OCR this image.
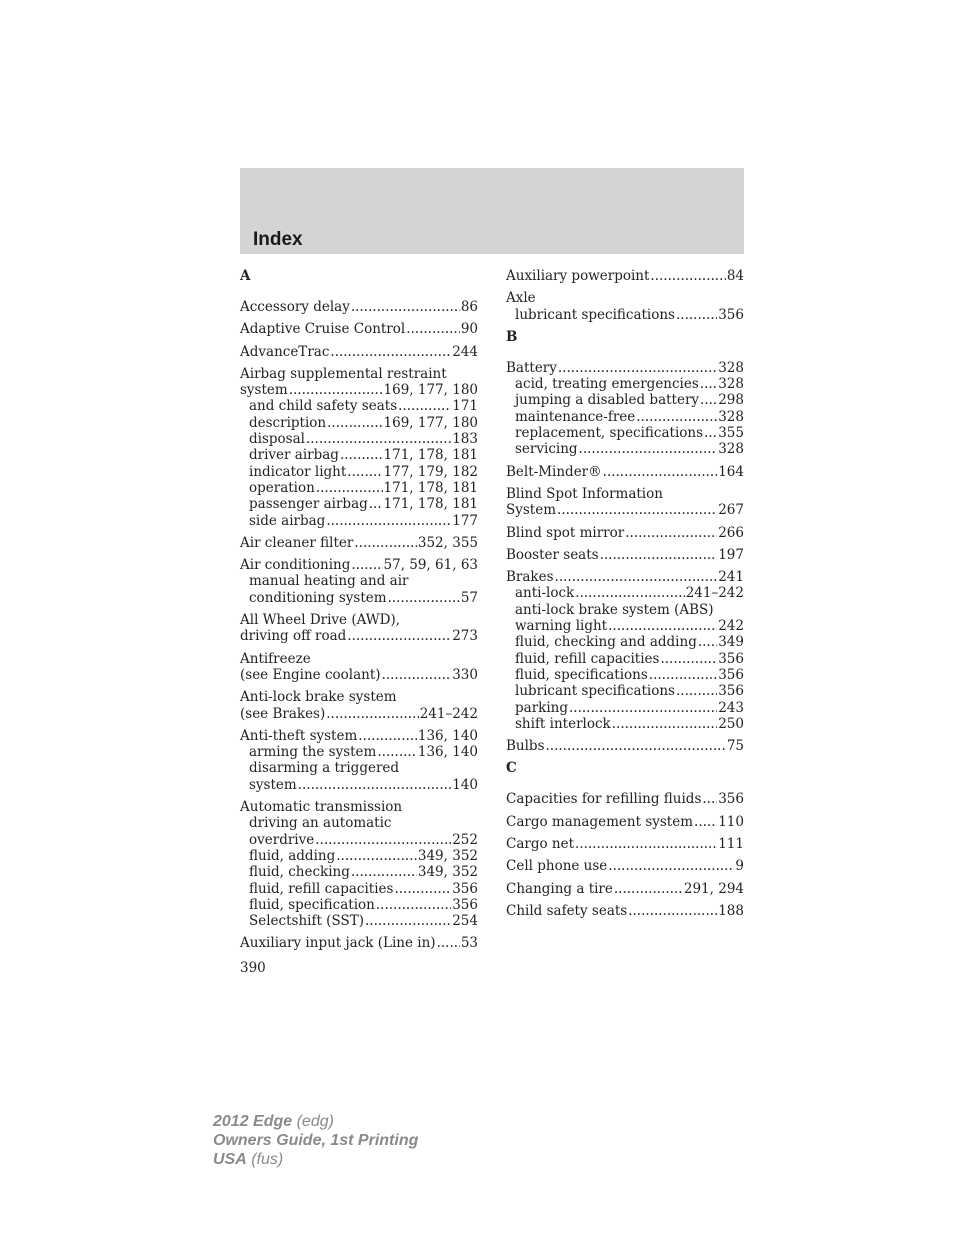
Index
A
Accessory delay .....	86
Adaptive Cruise Control .....	90
AdvanceTrac .....	244
Airbag supplemental restraint
system .....	169, 177, 180
and child safety seats .....	171
description .....	169, 177, 180
disposal .....	183
driver airbag .....	171, 178, 181
indicator light .....	177, 179, 182
operation .....	171, 178, 181
passenger airbag ..... 171, 178, 181
side airbag .....	177
Air cleaner filter .....	352, 355
Air conditioning ..... 57, 59, 61, 63
manual heating and air
conditioning system .....	57
All Wheel Drive (AWD),
driving off road .....	273
Antifreeze
(see Engine coolant) .....	330
Anti-lock brake system
(see Brakes) .....	241–242
Anti-theft system .....	136, 140
arming the system .....	136, 140
disarming a triggered
system .....	140
Automatic transmission
driving an automatic
overdrive .....	252
fluid, adding .....	349, 352
fluid, checking .....	349, 352
fluid, refill capacities .....	356
fluid, specification .....	356
Selectshift (SST) .....	254
Auxiliary input jack (Line in) ..... 53
Auxiliary powerpoint .....	84
Axle
lubricant specifications .....	356
B
Battery .....	328
acid, treating emergencies ..... 328
jumping a disabled battery ..... 298
maintenance-free .....	328
replacement, specifications ..... 355
servicing .....	328
Belt-Minder® .....	164
Blind Spot Information
System .....	267
Blind spot mirror .....	266
Booster seats .....	197
Brakes .....	241
anti-lock .....	241–242
anti-lock brake system (ABS)
warning light .....	242
fluid, checking and adding ..... 349
fluid, refill capacities .....	356
fluid, specifications .....	356
lubricant specifications .....	356
parking .....	243
shift interlock .....	250
Bulbs .....	75
C
Capacities for refilling fluids ..... 356
Cargo management system ..... 110
Cargo net .....	111
Cell phone use .....	9
Changing a tire .....	291, 294
Child safety seats .....	188
390
2012 Edge (edg)
Owners Guide, 1st Printing
USA (fus)
